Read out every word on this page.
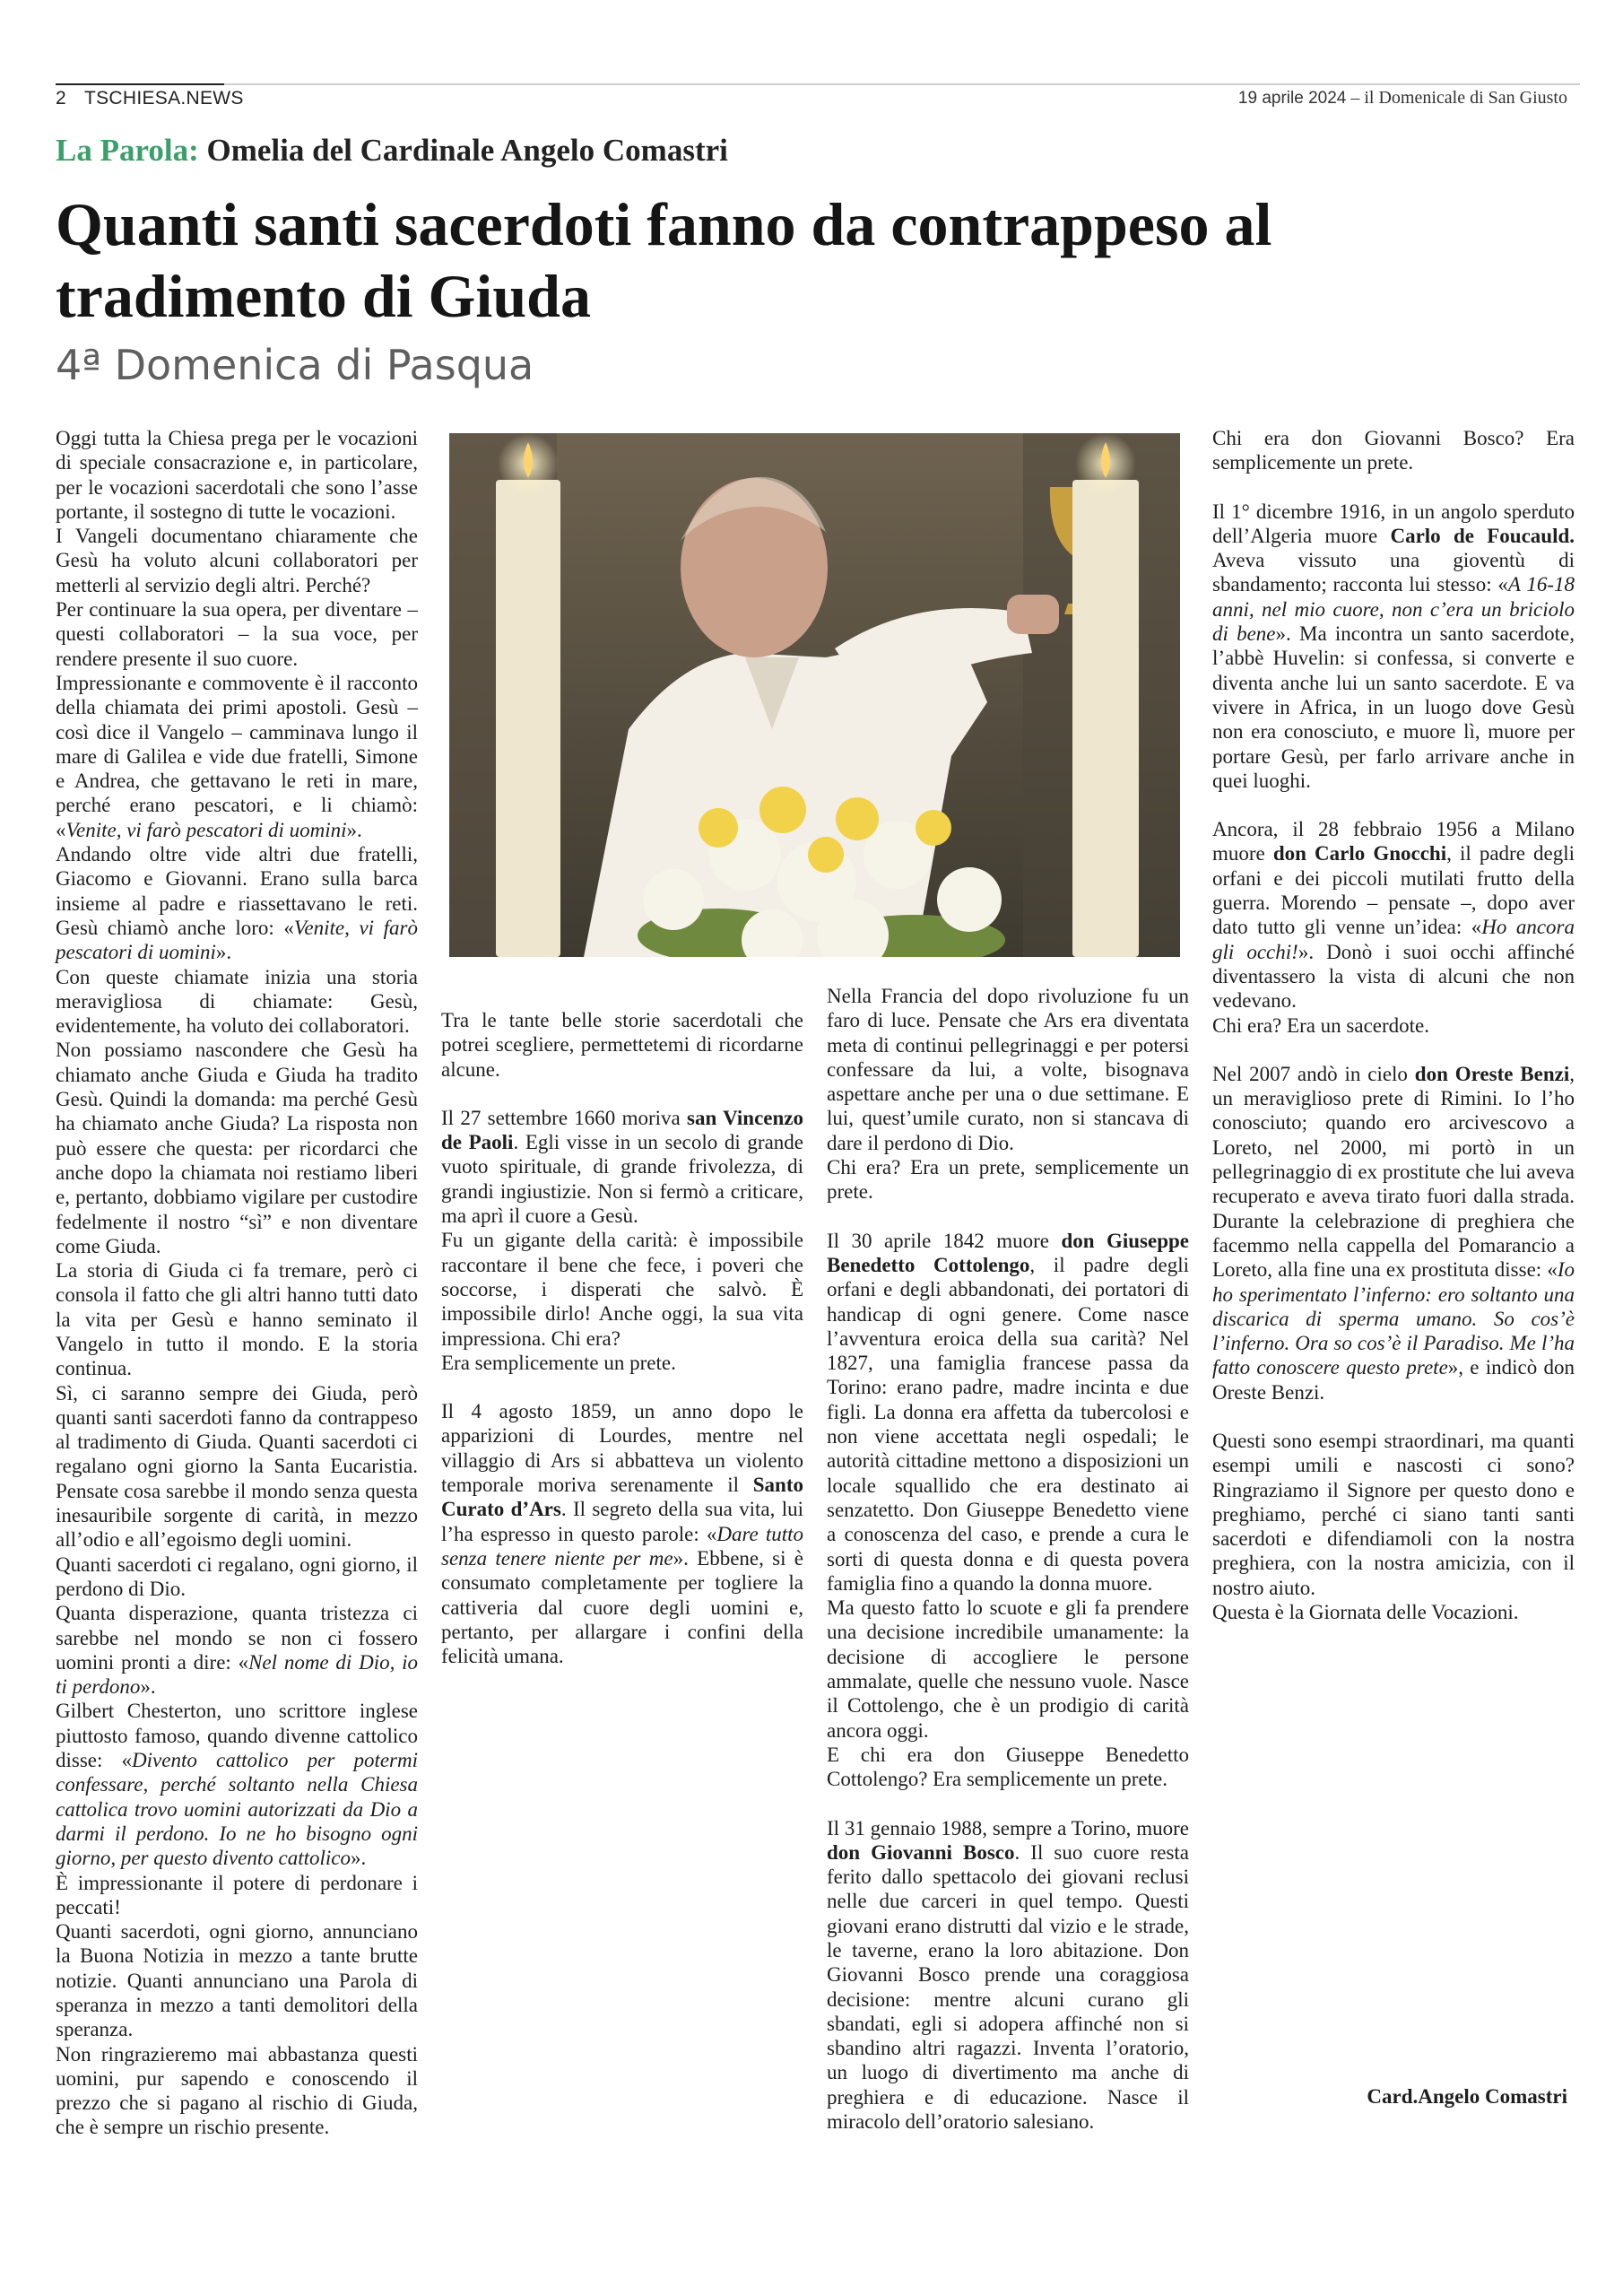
2 TSCHIESA.NEWS	19 aprile 2024 – il Domenicale di San Giusto
La Parola: Omelia del Cardinale Angelo Comastri
Quanti santi sacerdoti fanno da contrappeso al tradimento di Giuda
4ª Domenica di Pasqua

Oggi tutta la Chiesa prega per le vocazioni di speciale consacrazione e, in particolare, per le vocazioni sacerdotali che sono l’asse portante, il sostegno di tutte le vocazioni.

I Vangeli documentano chiaramente che Gesù ha voluto alcuni collaboratori per metterli al servizio degli altri. Perché?

Per continuare la sua opera, per diventare – questi collaboratori – la sua voce, per rendere presente il suo cuore.

Impressionante e commovente è il racconto della chiamata dei primi apostoli. Gesù – così dice il Vangelo – camminava lungo il mare di Galilea e vide due fratelli, Simone e Andrea, che gettavano le reti in mare, perché erano pescatori, e li chiamò: «Venite, vi farò pescatori di uomini».

Andando oltre vide altri due fratelli, Giacomo e Giovanni. Erano sulla barca insieme al padre e riassettavano le reti. Gesù chiamò anche loro: «Venite, vi farò pescatori di uomini».

Con queste chiamate inizia una storia meravigliosa di chiamate: Gesù, evidentemente, ha voluto dei collaboratori.

Non possiamo nascondere che Gesù ha chiamato anche Giuda e Giuda ha tradito Gesù. Quindi la domanda: ma perché Gesù ha chiamato anche Giuda? La risposta non può essere che questa: per ricordarci che anche dopo la chiamata noi restiamo liberi e, pertanto, dobbiamo vigilare per custodire fedelmente il nostro “sì” e non diventare come Giuda.

La storia di Giuda ci fa tremare, però ci consola il fatto che gli altri hanno tutti dato la vita per Gesù e hanno seminato il Vangelo in tutto il mondo. E la storia continua.

Sì, ci saranno sempre dei Giuda, però quanti santi sacerdoti fanno da contrappeso al tradimento di Giuda. Quanti sacerdoti ci regalano ogni giorno la Santa Eucaristia. Pensate cosa sarebbe il mondo senza questa inesauribile sorgente di carità, in mezzo all’odio e all’egoismo degli uomini.

Quanti sacerdoti ci regalano, ogni giorno, il perdono di Dio.

Quanta disperazione, quanta tristezza ci sarebbe nel mondo se non ci fossero uomini pronti a dire: «Nel nome di Dio, io ti perdono».

Gilbert Chesterton, uno scrittore inglese piuttosto famoso, quando divenne cattolico disse: «Divento cattolico per potermi confessare, perché soltanto nella Chiesa cattolica trovo uomini autorizzati da Dio a darmi il perdono. Io ne ho bisogno ogni giorno, per questo divento cattolico».

È impressionante il potere di perdonare i peccati!

Quanti sacerdoti, ogni giorno, annunciano la Buona Notizia in mezzo a tante brutte notizie. Quanti annunciano una Parola di speranza in mezzo a tanti demolitori della speranza.

Non ringrazieremo mai abbastanza questi uomini, pur sapendo e conoscendo il prezzo che si pagano al rischio di Giuda, che è sempre un rischio presente.

Tra le tante belle storie sacerdotali che potrei scegliere, permettetemi di ricordarne alcune.

Il 27 settembre 1660 moriva san Vincenzo de Paoli. Egli visse in un secolo di grande vuoto spirituale, di grande frivolezza, di grandi ingiustizie. Non si fermò a criticare, ma aprì il cuore a Gesù.

Fu un gigante della carità: è impossibile raccontare il bene che fece, i poveri che soccorse, i disperati che salvò. È impossibile dirlo! Anche oggi, la sua vita impressiona. Chi era?

Era semplicemente un prete.

Il 4 agosto 1859, un anno dopo le apparizioni di Lourdes, mentre nel villaggio di Ars si abbatteva un violento temporale moriva serenamente il Santo Curato d’Ars. Il segreto della sua vita, lui l’ha espresso in questo parole: «Dare tutto senza tenere niente per me». Ebbene, si è consumato completamente per togliere la cattiveria dal cuore degli uomini e, pertanto, per allargare i confini della felicità umana.

Nella Francia del dopo rivoluzione fu un faro di luce. Pensate che Ars era diventata meta di continui pellegrinaggi e per potersi confessare da lui, a volte, bisognava aspettare anche per una o due settimane. E lui, quest’umile curato, non si stancava di dare il perdono di Dio.

Chi era? Era un prete, semplicemente un prete.

Il 30 aprile 1842 muore don Giuseppe Benedetto Cottolengo, il padre degli orfani e degli abbandonati, dei portatori di handicap di ogni genere. Come nasce l’avventura eroica della sua carità? Nel 1827, una famiglia francese passa da Torino: erano padre, madre incinta e due figli. La donna era affetta da tubercolosi e non viene accettata negli ospedali; le autorità cittadine mettono a disposizioni un locale squallido che era destinato ai senzatetto. Don Giuseppe Benedetto viene a conoscenza del caso, e prende a cura le sorti di questa donna e di questa povera famiglia fino a quando la donna muore.

Ma questo fatto lo scuote e gli fa prendere una decisione incredibile umanamente: la decisione di accogliere le persone ammalate, quelle che nessuno vuole. Nasce il Cottolengo, che è un prodigio di carità ancora oggi.

E chi era don Giuseppe Benedetto Cottolengo? Era semplicemente un prete.

Il 31 gennaio 1988, sempre a Torino, muore don Giovanni Bosco. Il suo cuore resta ferito dallo spettacolo dei giovani reclusi nelle due carceri in quel tempo. Questi giovani erano distrutti dal vizio e le strade, le taverne, erano la loro abitazione. Don Giovanni Bosco prende una coraggiosa decisione: mentre alcuni curano gli sbandati, egli si adopera affinché non si sbandino altri ragazzi. Inventa l’oratorio, un luogo di divertimento ma anche di preghiera e di educazione. Nasce il miracolo dell’oratorio salesiano.

Chi era don Giovanni Bosco? Era semplicemente un prete.

Il 1° dicembre 1916, in un angolo sperduto dell’Algeria muore Carlo de Foucauld. Aveva vissuto una gioventù di sbandamento; racconta lui stesso: «A 16-18 anni, nel mio cuore, non c’era un briciolo di bene». Ma incontra un santo sacerdote, l’abbè Huvelin: si confessa, si converte e diventa anche lui un santo sacerdote. E va vivere in Africa, in un luogo dove Gesù non era conosciuto, e muore lì, muore per portare Gesù, per farlo arrivare anche in quei luoghi.

Ancora, il 28 febbraio 1956 a Milano muore don Carlo Gnocchi, il padre degli orfani e dei piccoli mutilati frutto della guerra. Morendo – pensate –, dopo aver dato tutto gli venne un’idea: «Ho ancora gli occhi!». Donò i suoi occhi affinché diventassero la vista di alcuni che non vedevano.

Chi era? Era un sacerdote.

Nel 2007 andò in cielo don Oreste Benzi, un meraviglioso prete di Rimini. Io l’ho conosciuto; quando ero arcivescovo a Loreto, nel 2000, mi portò in un pellegrinaggio di ex prostitute che lui aveva recuperato e aveva tirato fuori dalla strada. Durante la celebrazione di preghiera che facemmo nella cappella del Pomarancio a Loreto, alla fine una ex prostituta disse: «Io ho sperimentato l’inferno: ero soltanto una discarica di sperma umano. So cos’è l’inferno. Ora so cos’è il Paradiso. Me l’ha fatto conoscere questo prete», e indicò don Oreste Benzi.

Questi sono esempi straordinari, ma quanti esempi umili e nascosti ci sono? Ringraziamo il Signore per questo dono e preghiamo, perché ci siano tanti santi sacerdoti e difendiamoli con la nostra preghiera, con la nostra amicizia, con il nostro aiuto.

Questa è la Giornata delle Vocazioni.

Card.Angelo Comastri
